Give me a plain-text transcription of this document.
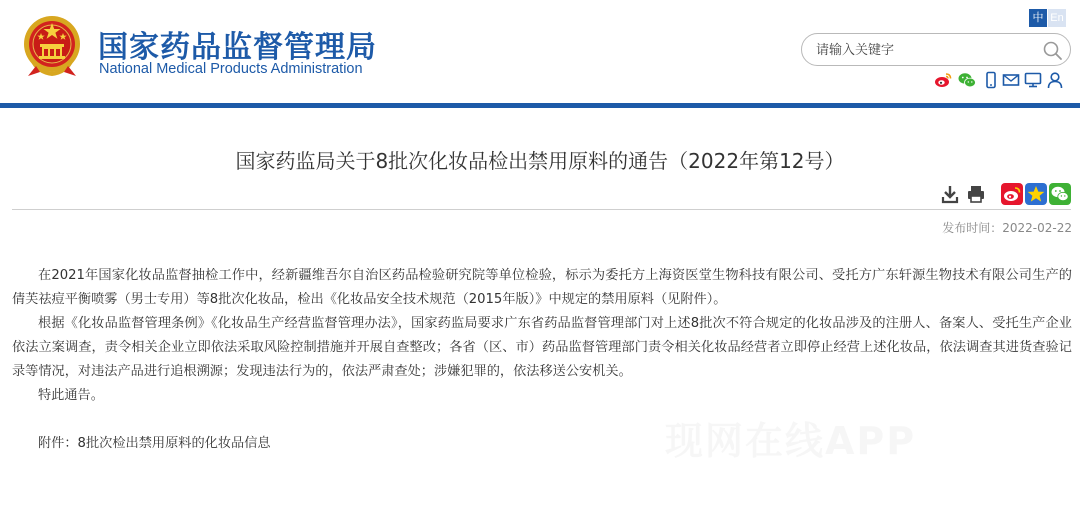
国家药品监督管理局
National Medical Products Administration
中 En
请输入关键字
国家药监局关于8批次化妆品检出禁用原料的通告（2022年第12号）
发布时间：2022-02-22

在2021年国家化妆品监督抽检工作中，经新疆维吾尔自治区药品检验研究院等单位检验，标示为委托方上海资医堂生物科技有限公司、受托方广东轩源生物技术有限公司生产的倩芙祛痘平衡喷雾（男士专用）等8批次化妆品，检出《化妆品安全技术规范（2015年版）》中规定的禁用原料（见附件）。

根据《化妆品监督管理条例》《化妆品生产经营监督管理办法》，国家药监局要求广东省药品监督管理部门对上述8批次不符合规定的化妆品涉及的注册人、备案人、受托生产企业依法立案调查，责令相关企业立即依法采取风险控制措施并开展自查整改；各省（区、市）药品监督管理部门责令相关化妆品经营者立即停止经营上述化妆品，依法调查其进货查验记录等情况，对违法产品进行追根溯源；发现违法行为的，依法严肃查处；涉嫌犯罪的，依法移送公安机关。

特此通告。

附件：8批次检出禁用原料的化妆品信息
